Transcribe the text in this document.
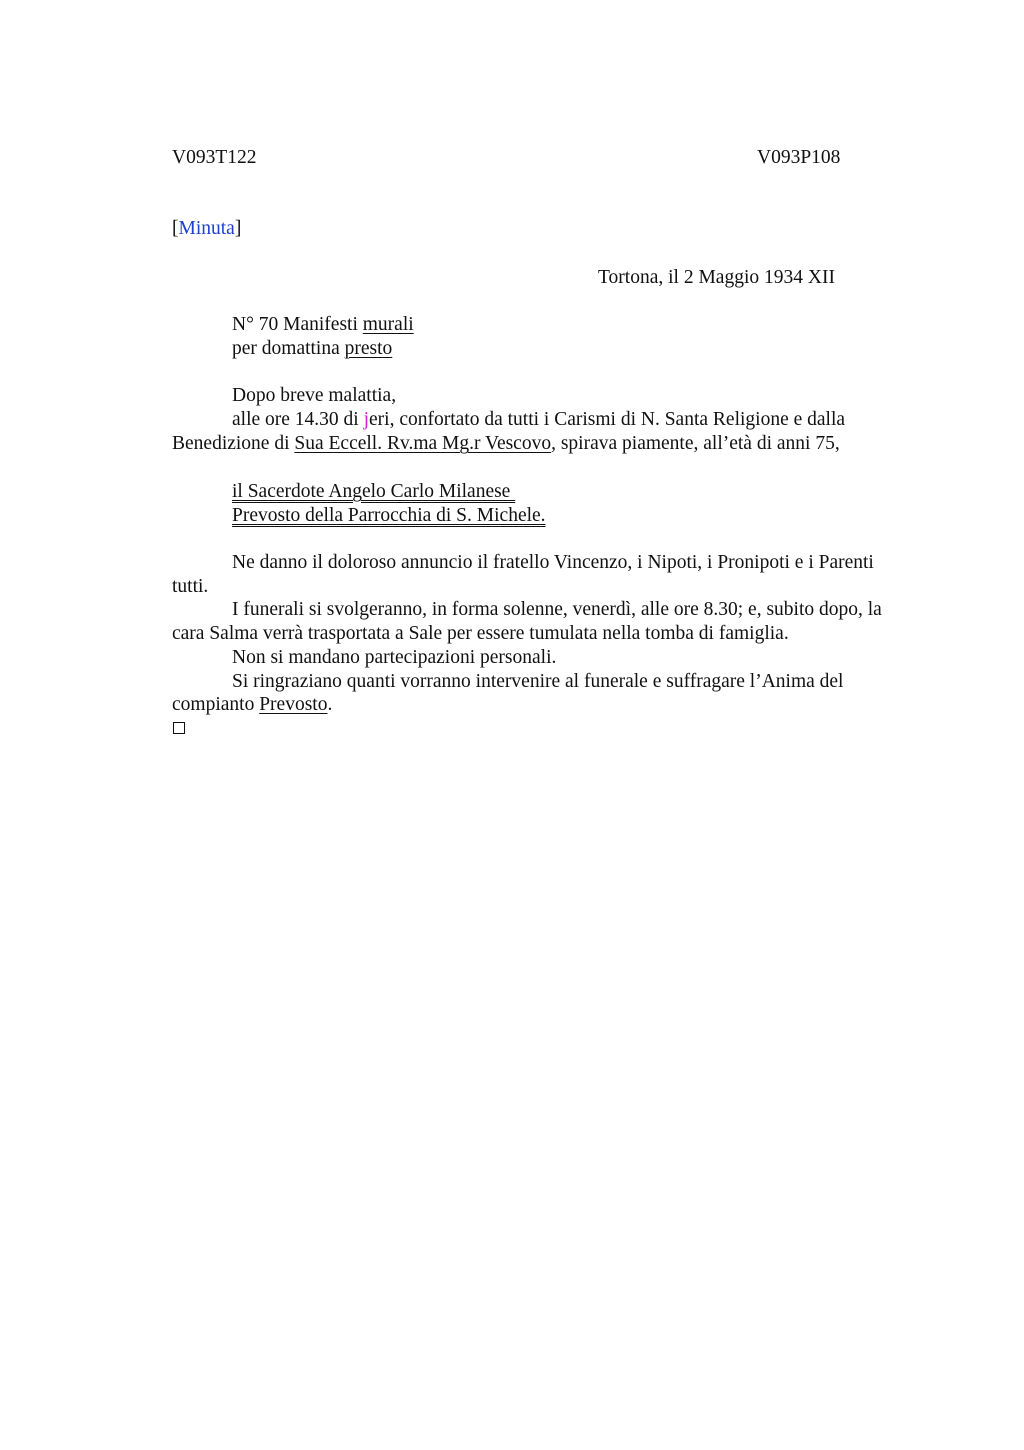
V093T122	V093P108
[Minuta]
Tortona, il 2 Maggio 1934 XII
N° 70 Manifesti murali
per domattina presto
Dopo breve malattia,
alle ore 14.30 di jeri, confortato da tutti i Carismi di N. Santa Religione e dalla
Benedizione di Sua Eccell. Rv.ma Mg.r Vescovo, spirava piamente, all’età di anni 75,
il Sacerdote Angelo Carlo Milanese
Prevosto della Parrocchia di S. Michele.
Ne danno il doloroso annuncio il fratello Vincenzo, i Nipoti, i Pronipoti e i Parenti
tutti.
I funerali si svolgeranno, in forma solenne, venerdì, alle ore 8.30; e, subito dopo, la
cara Salma verrà trasportata a Sale per essere tumulata nella tomba di famiglia.
Non si mandano partecipazioni personali.
Si ringraziano quanti vorranno intervenire al funerale e suffragare l’Anima del
compianto Prevosto.
